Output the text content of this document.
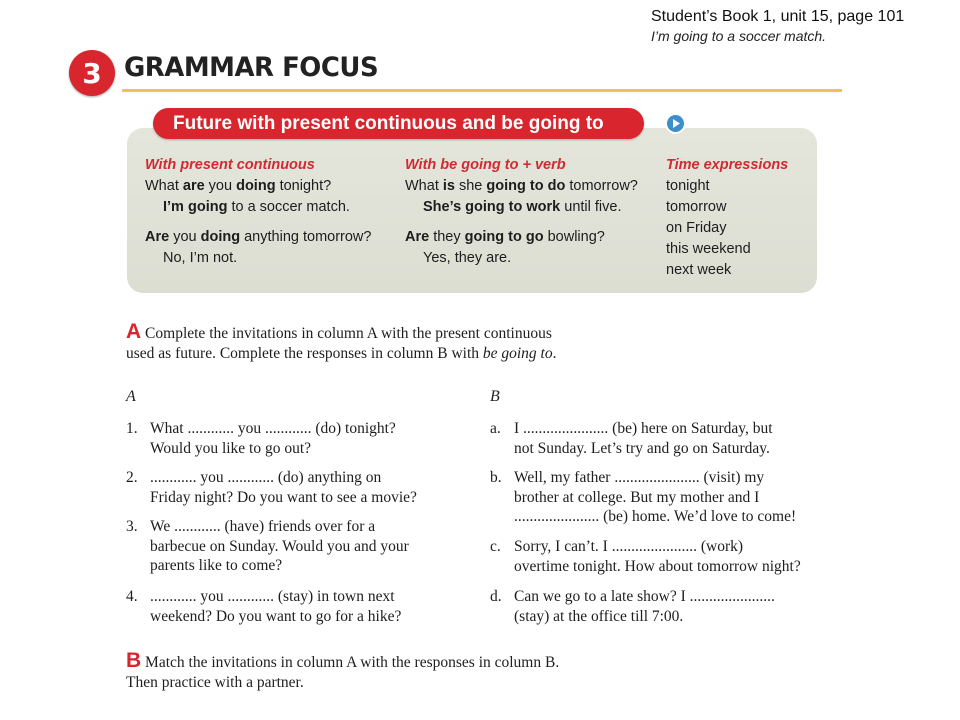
Student’s Book 1, unit 15, page 101
I’m going to a soccer match.
3 GRAMMAR FOCUS
Future with present continuous and be going to
With present continuous
What are you doing tonight?
I’m going to a soccer match.
Are you doing anything tomorrow?
No, I’m not.
With be going to + verb
What is she going to do tomorrow?
She’s going to work until five.
Are they going to go bowling?
Yes, they are.
Time expressions
tonight
tomorrow
on Friday
this weekend
next week
A Complete the invitations in column A with the present continuous
used as future. Complete the responses in column B with be going to.
A	B
1. What ............ you ............ (do) tonight?
Would you like to go out?
2. ............ you ............ (do) anything on
Friday night? Do you want to see a movie?
3. We ............ (have) friends over for a
barbecue on Sunday. Would you and your
parents like to come?
4. ............ you ............ (stay) in town next
weekend? Do you want to go for a hike?
a. I ...................... (be) here on Saturday, but
not Sunday. Let’s try and go on Saturday.
b. Well, my father ...................... (visit) my
brother at college. But my mother and I
...................... (be) home. We’d love to come!
c. Sorry, I can’t. I ...................... (work)
overtime tonight. How about tomorrow night?
d. Can we go to a late show? I ......................
(stay) at the office till 7:00.
B Match the invitations in column A with the responses in column B.
Then practice with a partner.
